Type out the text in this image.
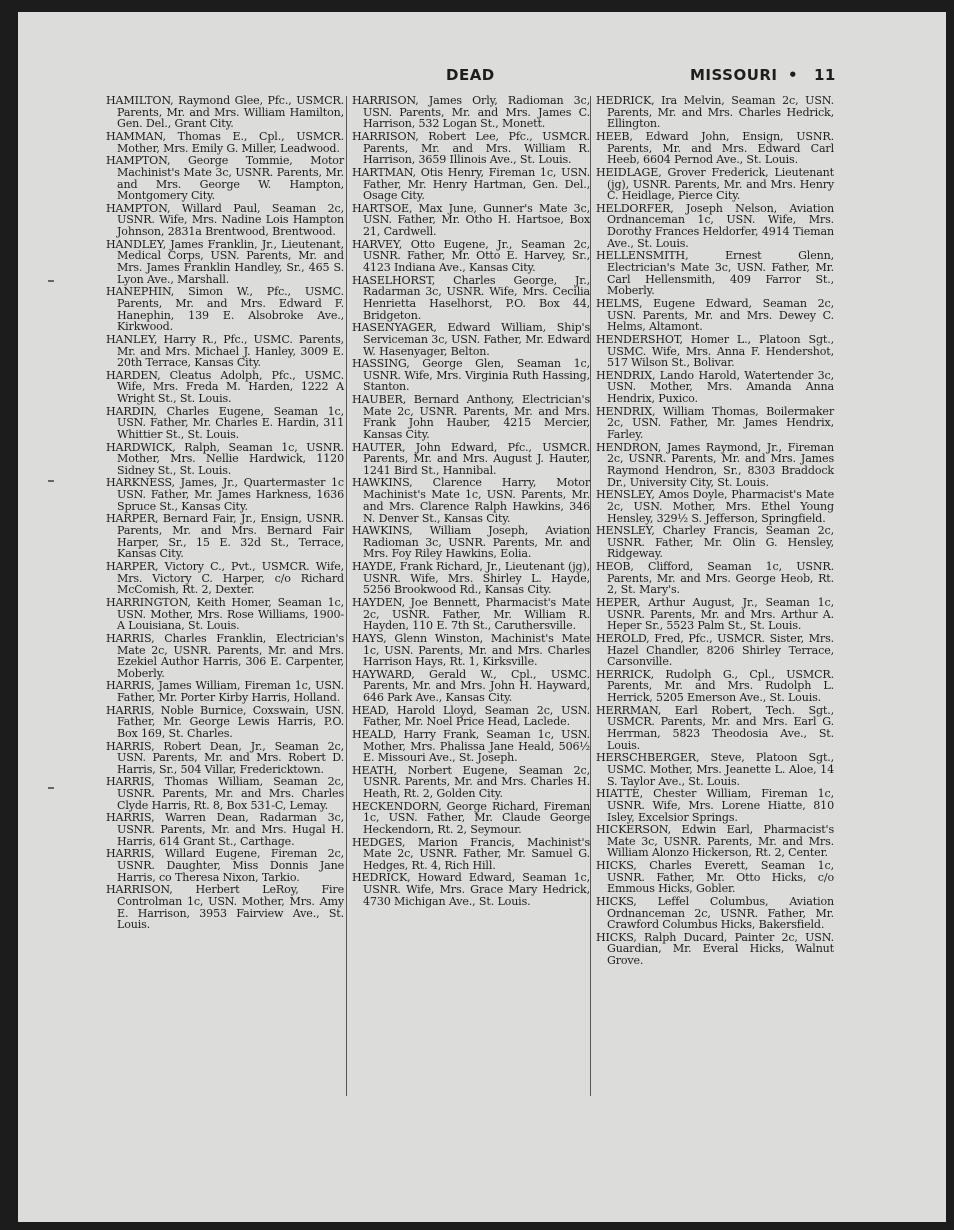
DEAD	MISSOURI • 11

HAMILTON, Raymond Glee, Pfc., USMCR. Parents, Mr. and Mrs. William Hamilton, Gen. Del., Grant City.

HAMMAN, Thomas E., Cpl., USMCR. Mother, Mrs. Emily G. Miller, Leadwood.

HAMPTON, George Tommie, Motor Machinist's Mate 3c, USNR. Parents, Mr. and Mrs. George W. Hampton, Montgomery City.

HAMPTON, Willard Paul, Seaman 2c, USNR. Wife, Mrs. Nadine Lois Hampton Johnson, 2831a Brentwood, Brentwood.

HANDLEY, James Franklin, Jr., Lieutenant, Medical Corps, USN. Parents, Mr. and Mrs. James Franklin Handley, Sr., 465 S. Lyon Ave., Marshall.

HANEPHIN, Simon W., Pfc., USMC. Parents, Mr. and Mrs. Edward F. Hanephin, 139 E. Alsobroke Ave., Kirkwood.

HANLEY, Harry R., Pfc., USMC. Parents, Mr. and Mrs. Michael J. Hanley, 3009 E. 20th Terrace, Kansas City.

HARDEN, Cleatus Adolph, Pfc., USMC. Wife, Mrs. Freda M. Harden, 1222 A Wright St., St. Louis.

HARDIN, Charles Eugene, Seaman 1c, USN. Father, Mr. Charles E. Hardin, 311 Whittier St., St. Louis.

HARDWICK, Ralph, Seaman 1c, USNR. Mother, Mrs. Nellie Hardwick, 1120 Sidney St., St. Louis.

HARKNESS, James, Jr., Quartermaster 1c USN. Father, Mr. James Harkness, 1636 Spruce St., Kansas City.

HARPER, Bernard Fair, Jr., Ensign, USNR. Parents, Mr. and Mrs. Bernard Fair Harper, Sr., 15 E. 32d St., Terrace, Kansas City.

HARPER, Victory C., Pvt., USMCR. Wife, Mrs. Victory C. Harper, c/o Richard McComish, Rt. 2, Dexter.

HARRINGTON, Keith Homer, Seaman 1c, USN. Mother, Mrs. Rose Williams, 1900-A Louisiana, St. Louis.

HARRIS, Charles Franklin, Electrician's Mate 2c, USNR. Parents, Mr. and Mrs. Ezekiel Author Harris, 306 E. Carpenter, Moberly.

HARRIS, James William, Fireman 1c, USN. Father, Mr. Porter Kirby Harris, Holland.

HARRIS, Noble Burnice, Coxswain, USN. Father, Mr. George Lewis Harris, P.O. Box 169, St. Charles.

HARRIS, Robert Dean, Jr., Seaman 2c, USN. Parents, Mr. and Mrs. Robert D. Harris, Sr., 504 Villar, Fredericktown.

HARRIS, Thomas William, Seaman 2c, USNR. Parents, Mr. and Mrs. Charles Clyde Harris, Rt. 8, Box 531-C, Lemay.

HARRIS, Warren Dean, Radarman 3c, USNR. Parents, Mr. and Mrs. Hugal H. Harris, 614 Grant St., Carthage.

HARRIS, Willard Eugene, Fireman 2c, USNR. Daughter, Miss Donnis Jane Harris, co Theresa Nixon, Tarkio.

HARRISON, Herbert LeRoy, Fire Controlman 1c, USN. Mother, Mrs. Amy E. Harrison, 3953 Fairview Ave., St. Louis.

HARRISON, James Orly, Radioman 3c, USN. Parents, Mr. and Mrs. James C. Harrison, 532 Logan St., Monett.

HARRISON, Robert Lee, Pfc., USMCR. Parents, Mr. and Mrs. William R. Harrison, 3659 Illinois Ave., St. Louis.

HARTMAN, Otis Henry, Fireman 1c, USN. Father, Mr. Henry Hartman, Gen. Del., Osage City.

HARTSOE, Max June, Gunner's Mate 3c, USN. Father, Mr. Otho H. Hartsoe, Box 21, Cardwell.

HARVEY, Otto Eugene, Jr., Seaman 2c, USNR. Father, Mr. Otto E. Harvey, Sr., 4123 Indiana Ave., Kansas City.

HASELHORST, Charles George, Jr., Radarman 3c, USNR. Wife, Mrs. Cecilia Henrietta Haselhorst, P.O. Box 44, Bridgeton.

HASENYAGER, Edward William, Ship's Serviceman 3c, USN. Father, Mr. Edward W. Hasenyager, Belton.

HASSING, George Glen, Seaman 1c, USNR. Wife, Mrs. Virginia Ruth Hassing, Stanton.

HAUBER, Bernard Anthony, Electrician's Mate 2c, USNR. Parents, Mr. and Mrs. Frank John Hauber, 4215 Mercier, Kansas City.

HAUTER, John Edward, Pfc., USMCR. Parents, Mr. and Mrs. August J. Hauter, 1241 Bird St., Hannibal.

HAWKINS, Clarence Harry, Motor Machinist's Mate 1c, USN. Parents, Mr. and Mrs. Clarence Ralph Hawkins, 346 N. Denver St., Kansas City.

HAWKINS, William Joseph, Aviation Radioman 3c, USNR. Parents, Mr. and Mrs. Foy Riley Hawkins, Eolia.

HAYDE, Frank Richard, Jr., Lieutenant (jg), USNR. Wife, Mrs. Shirley L. Hayde, 5256 Brookwood Rd., Kansas City.

HAYDEN, Joe Bennett, Pharmacist's Mate 2c, USNR. Father, Mr. William R. Hayden, 110 E. 7th St., Caruthersville.

HAYS, Glenn Winston, Machinist's Mate 1c, USN. Parents, Mr. and Mrs. Charles Harrison Hays, Rt. 1, Kirksville.

HAYWARD, Gerald W., Cpl., USMC. Parents, Mr. and Mrs. John H. Hayward, 646 Park Ave., Kansas City.

HEAD, Harold Lloyd, Seaman 2c, USN. Father, Mr. Noel Price Head, Laclede.

HEALD, Harry Frank, Seaman 1c, USN. Mother, Mrs. Phalissa Jane Heald, 506½ E. Missouri Ave., St. Joseph.

HEATH, Norbert Eugene, Seaman 2c, USNR. Parents, Mr. and Mrs. Charles H. Heath, Rt. 2, Golden City.

HECKENDORN, George Richard, Fireman 1c, USN. Father, Mr. Claude George Heckendorn, Rt. 2, Seymour.

HEDGES, Marion Francis, Machinist's Mate 2c, USNR. Father, Mr. Samuel G. Hedges, Rt. 4, Rich Hill.

HEDRICK, Howard Edward, Seaman 1c, USNR. Wife, Mrs. Grace Mary Hedrick, 4730 Michigan Ave., St. Louis.

HEDRICK, Ira Melvin, Seaman 2c, USN. Parents, Mr. and Mrs. Charles Hedrick, Ellington.

HEEB, Edward John, Ensign, USNR. Parents, Mr. and Mrs. Edward Carl Heeb, 6604 Pernod Ave., St. Louis.

HEIDLAGE, Grover Frederick, Lieutenant (jg), USNR. Parents, Mr. and Mrs. Henry C. Heidlage, Pierce City.

HELDORFER, Joseph Nelson, Aviation Ordnanceman 1c, USN. Wife, Mrs. Dorothy Frances Heldorfer, 4914 Tieman Ave., St. Louis.

HELLENSMITH, Ernest Glenn, Electrician's Mate 3c, USN. Father, Mr. Carl Hellensmith, 409 Farror St., Moberly.

HELMS, Eugene Edward, Seaman 2c, USN. Parents, Mr. and Mrs. Dewey C. Helms, Altamont.

HENDERSHOT, Homer L., Platoon Sgt., USMC. Wife, Mrs. Anna F. Hendershot, 517 Wilson St., Bolivar.

HENDRIX, Lando Harold, Watertender 3c, USN. Mother, Mrs. Amanda Anna Hendrix, Puxico.

HENDRIX, William Thomas, Boilermaker 2c, USN. Father, Mr. James Hendrix, Farley.

HENDRON, James Raymond, Jr., Fireman 2c, USNR. Parents, Mr. and Mrs. James Raymond Hendron, Sr., 8303 Braddock Dr., University City, St. Louis.

HENSLEY, Amos Doyle, Pharmacist's Mate 2c, USN. Mother, Mrs. Ethel Young Hensley, 329½ S. Jefferson, Springfield.

HENSLEY, Charley Francis, Seaman 2c, USNR. Father, Mr. Olin G. Hensley, Ridgeway.

HEOB, Clifford, Seaman 1c, USNR. Parents, Mr. and Mrs. George Heob, Rt. 2, St. Mary's.

HEPER, Arthur August, Jr., Seaman 1c, USNR. Parents, Mr. and Mrs. Arthur A. Heper Sr., 5523 Palm St., St. Louis.

HEROLD, Fred, Pfc., USMCR. Sister, Mrs. Hazel Chandler, 8206 Shirley Terrace, Carsonville.

HERRICK, Rudolph G., Cpl., USMCR. Parents, Mr. and Mrs. Rudolph L. Herrick, 5205 Emerson Ave., St. Louis.

HERRMAN, Earl Robert, Tech. Sgt., USMCR. Parents, Mr. and Mrs. Earl G. Herrman, 5823 Theodosia Ave., St. Louis.

HERSCHBERGER, Steve, Platoon Sgt., USMC. Mother, Mrs. Jeanette L. Aloe, 14 S. Taylor Ave., St. Louis.

HIATTE, Chester William, Fireman 1c, USNR. Wife, Mrs. Lorene Hiatte, 810 Isley, Excelsior Springs.

HICKERSON, Edwin Earl, Pharmacist's Mate 3c, USNR. Parents, Mr. and Mrs. William Alonzo Hickerson, Rt. 2, Center.

HICKS, Charles Everett, Seaman 1c, USNR. Father, Mr. Otto Hicks, c/o Emmous Hicks, Gobler.

HICKS, Leffel Columbus, Aviation Ordnanceman 2c, USNR. Father, Mr. Crawford Columbus Hicks, Bakersfield.

HICKS, Ralph Ducard, Painter 2c, USN. Guardian, Mr. Everal Hicks, Walnut Grove.
